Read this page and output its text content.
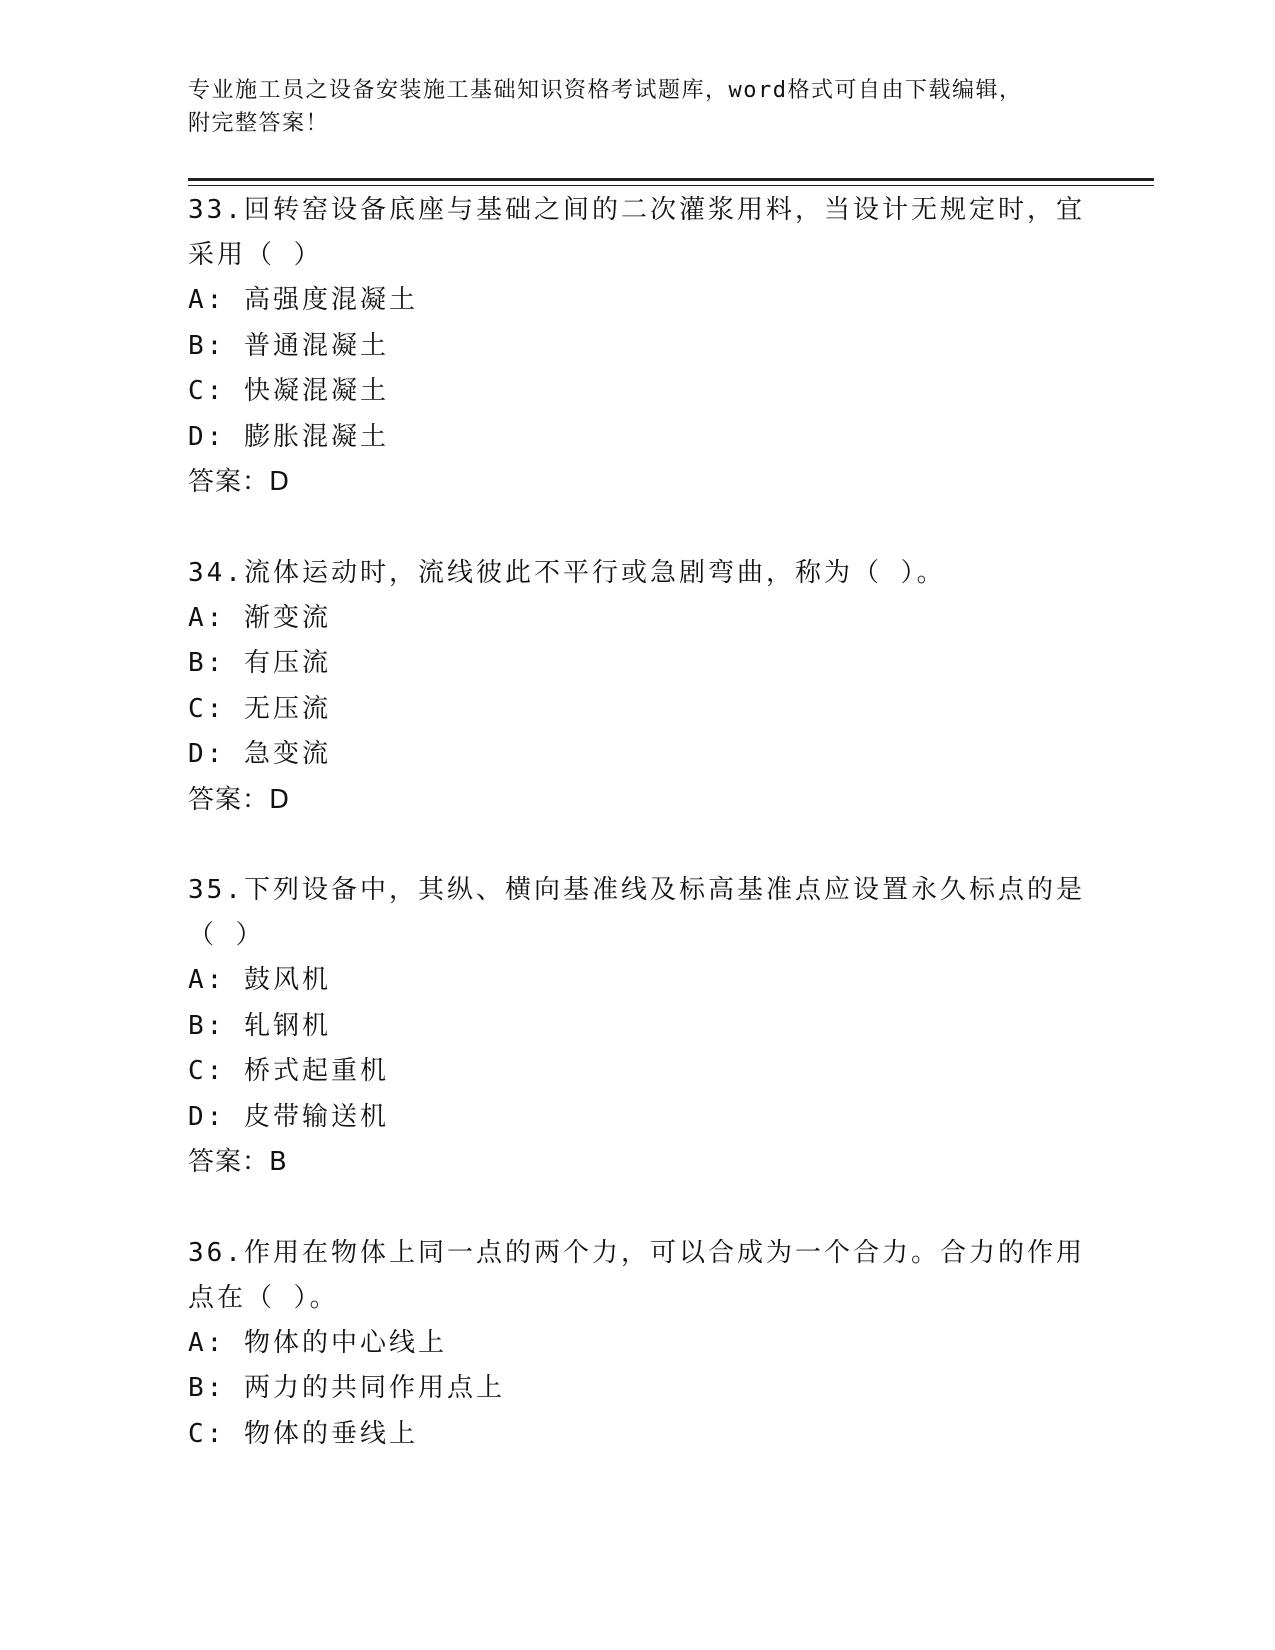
专业施工员之设备安装施工基础知识资格考试题库，word格式可自由下载编辑，
附完整答案！
33.回转窑设备底座与基础之间的二次灌浆用料，当设计无规定时，宜采用（ ）
A: 高强度混凝土
B: 普通混凝土
C: 快凝混凝土
D: 膨胀混凝土
答案：D
34.流体运动时，流线彼此不平行或急剧弯曲，称为（ ）。
A: 渐变流
B: 有压流
C: 无压流
D: 急变流
答案：D
35.下列设备中，其纵、横向基准线及标高基准点应设置永久标点的是（ ）
A: 鼓风机
B: 轧钢机
C: 桥式起重机
D: 皮带输送机
答案：B
36.作用在物体上同一点的两个力，可以合成为一个合力。合力的作用点在（ ）。
A: 物体的中心线上
B: 两力的共同作用点上
C: 物体的垂线上
